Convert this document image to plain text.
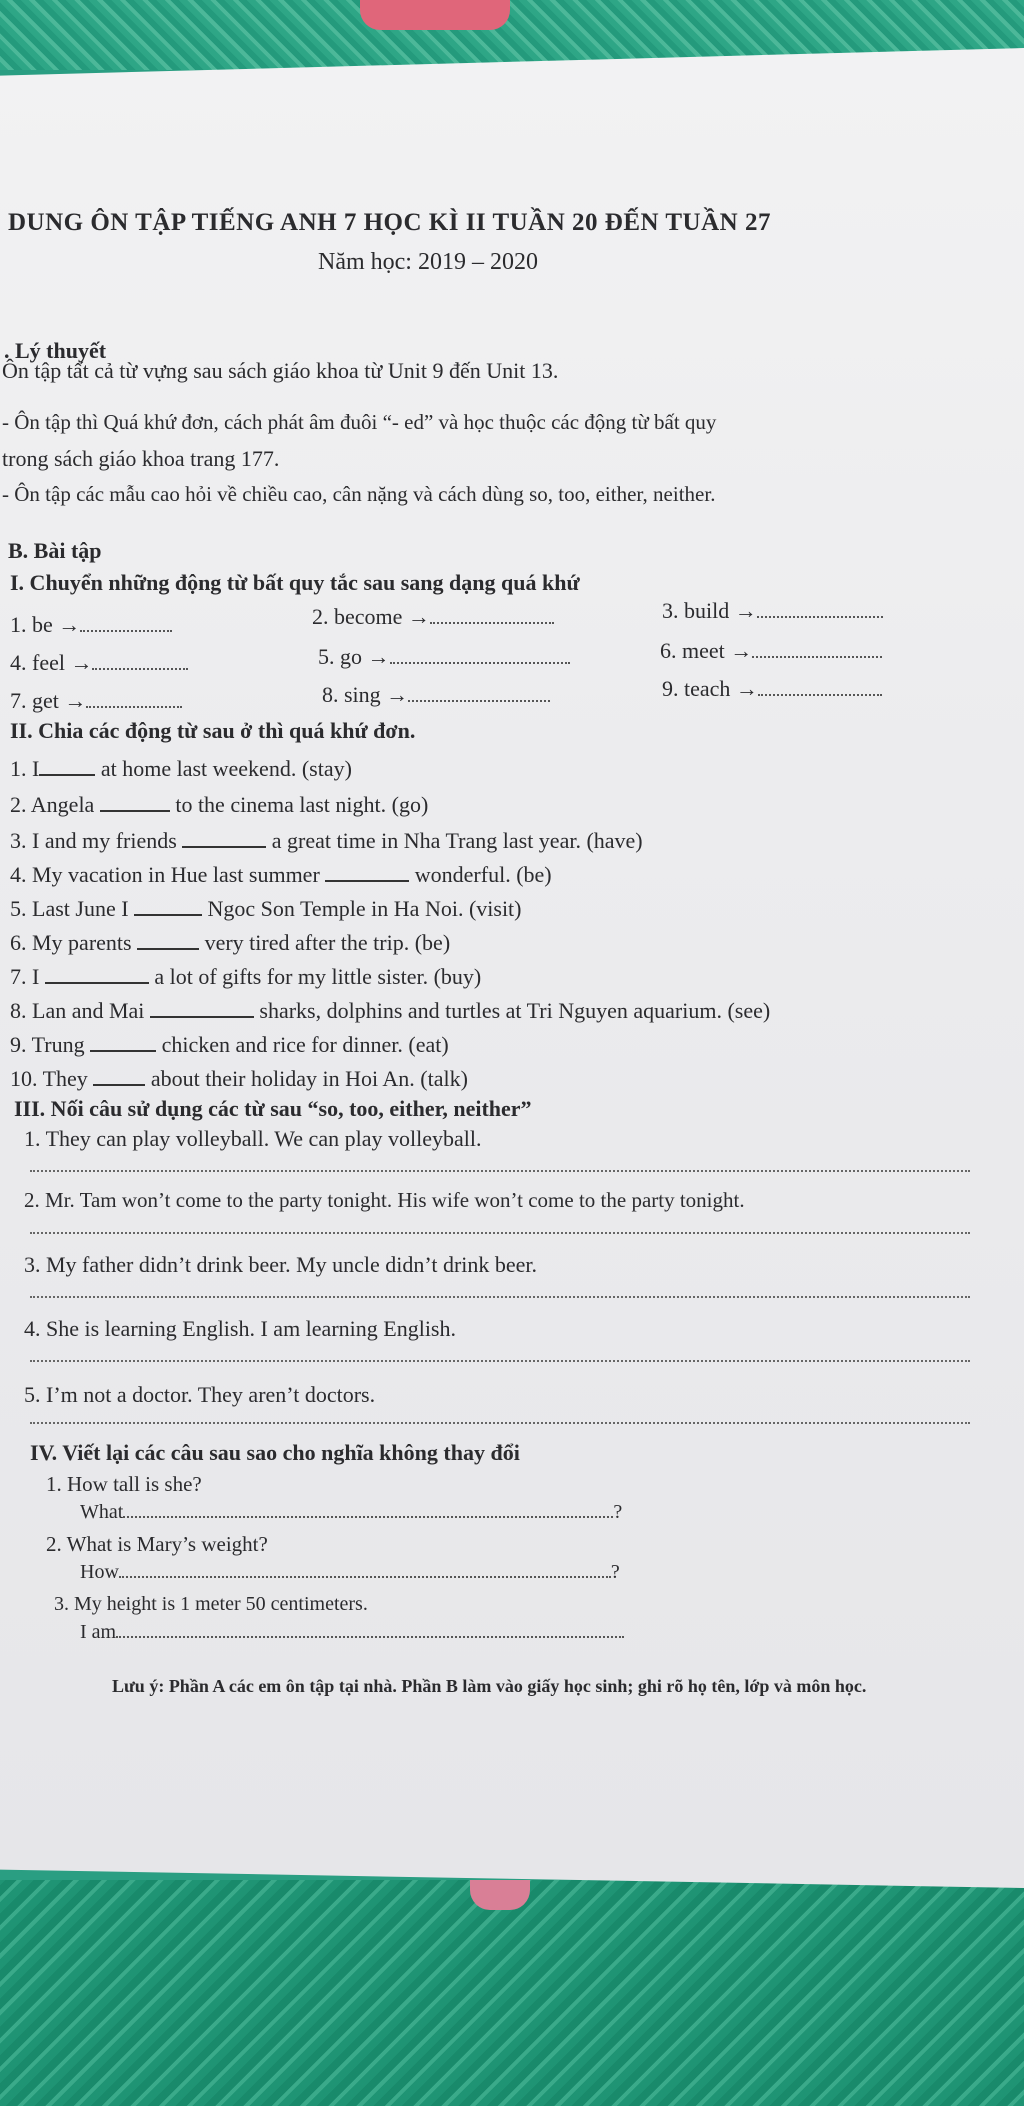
DUNG ÔN TẬP TIẾNG ANH 7 HỌC KÌ II TUẦN 20 ĐẾN TUẦN 27
Năm học: 2019 – 2020
. Lý thuyết
Ôn tập tất cả từ vựng sau sách giáo khoa từ Unit 9 đến Unit 13.
- Ôn tập thì Quá khứ đơn, cách phát âm đuôi “- ed” và học thuộc các động từ bất quy
trong sách giáo khoa trang 177.
- Ôn tập các mẫu cao hỏi về chiều cao, cân nặng và cách dùng so, too, either, neither.
B. Bài tập
I. Chuyển những động từ bất quy tắc sau sang dạng quá khứ
1. be →	2. become →	3. build →
4. feel →	5. go →	6. meet →
7. get →	8. sing →	9. teach →
II. Chia các động từ sau ở thì quá khứ đơn.
1. I	at home last weekend. (stay)
2. Angela	to the cinema last night. (go)
3. I and my friends	a great time in Nha Trang last year. (have)
4. My vacation in Hue last summer	wonderful. (be)
5. Last June I	Ngoc Son Temple in Ha Noi. (visit)
6. My parents	very tired after the trip. (be)
7. I	a lot of gifts for my little sister. (buy)
8. Lan and Mai	sharks, dolphins and turtles at Tri Nguyen aquarium. (see)
9. Trung	chicken and rice for dinner. (eat)
10. They	about their holiday in Hoi An. (talk)
III. Nối câu sử dụng các từ sau “so, too, either, neither”
1. They can play volleyball. We can play volleyball.
2. Mr. Tam won’t come to the party tonight. His wife won’t come to the party tonight.
3. My father didn’t drink beer. My uncle didn’t drink beer.
4. She is learning English. I am learning English.
5. I’m not a doctor. They aren’t doctors.
IV. Viết lại các câu sau sao cho nghĩa không thay đổi
1. How tall is she?
What	?
2. What is Mary’s weight?
How	?
3. My height is 1 meter 50 centimeters.
I am
Lưu ý: Phần A các em ôn tập tại nhà. Phần B làm vào giấy học sinh; ghi rõ họ tên, lớp và môn học.
